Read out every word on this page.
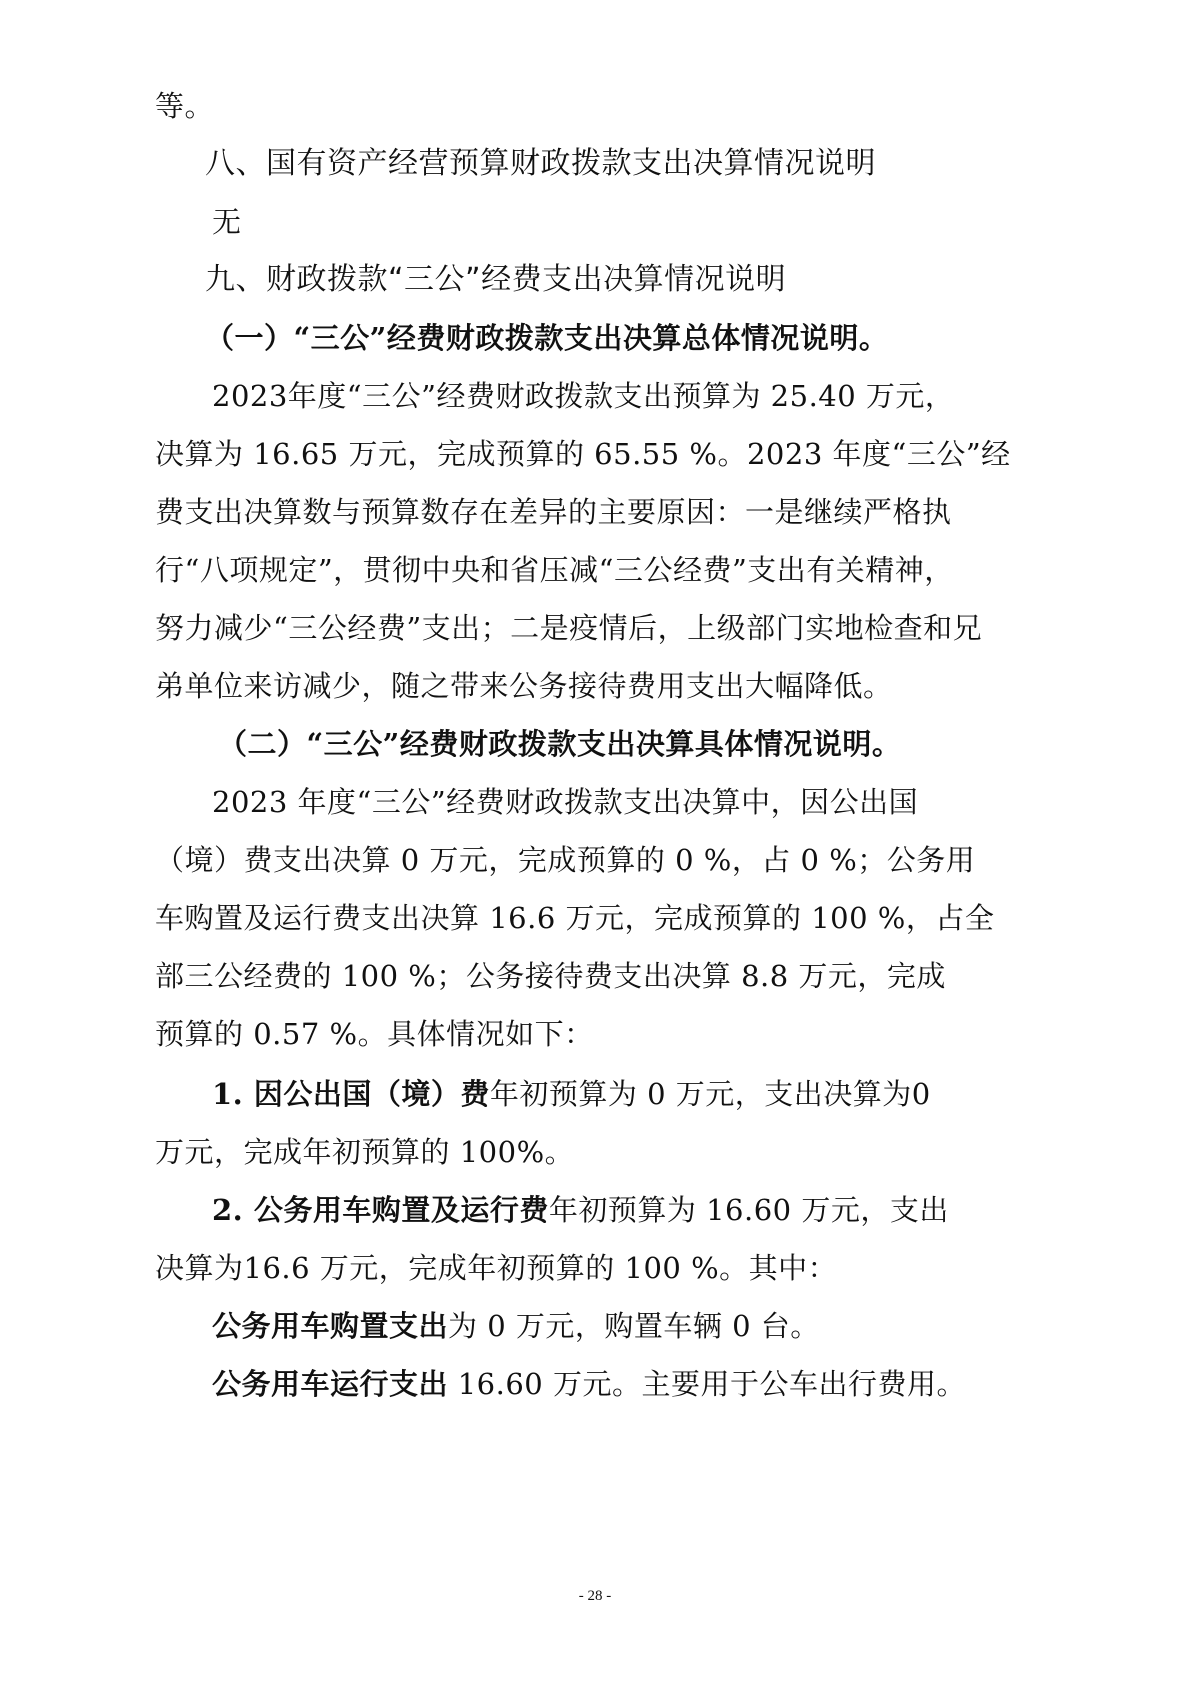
等。
八、国有资产经营预算财政拨款支出决算情况说明
无
九、财政拨款“三公”经费支出决算情况说明
（一）“三公”经费财政拨款支出决算总体情况说明。
2023年度“三公”经费财政拨款支出预算为 25.40 万元，
决算为 16.65 万元，完成预算的 65.55 %。2023 年度“三公”经
费支出决算数与预算数存在差异的主要原因：一是继续严格执
行“八项规定”，贯彻中央和省压减“三公经费”支出有关精神，
努力减少“三公经费”支出；二是疫情后，上级部门实地检查和兄
弟单位来访减少，随之带来公务接待费用支出大幅降低。
（二）“三公”经费财政拨款支出决算具体情况说明。
2023 年度“三公”经费财政拨款支出决算中，因公出国
（境）费支出决算 0 万元，完成预算的 0 %，占 0 %；公务用
车购置及运行费支出决算 16.6 万元，完成预算的 100 %，占全
部三公经费的 100 %；公务接待费支出决算 8.8 万元，完成
预算的 0.57 %。具体情况如下：
1. 因公出国（境）费年初预算为 0 万元，支出决算为0
万元，完成年初预算的 100%。
2. 公务用车购置及运行费年初预算为 16.60 万元，支出
决算为16.6 万元，完成年初预算的 100 %。其中：
公务用车购置支出为 0 万元，购置车辆 0 台。
公务用车运行支出 16.60 万元。主要用于公车出行费用。
- 28 -
